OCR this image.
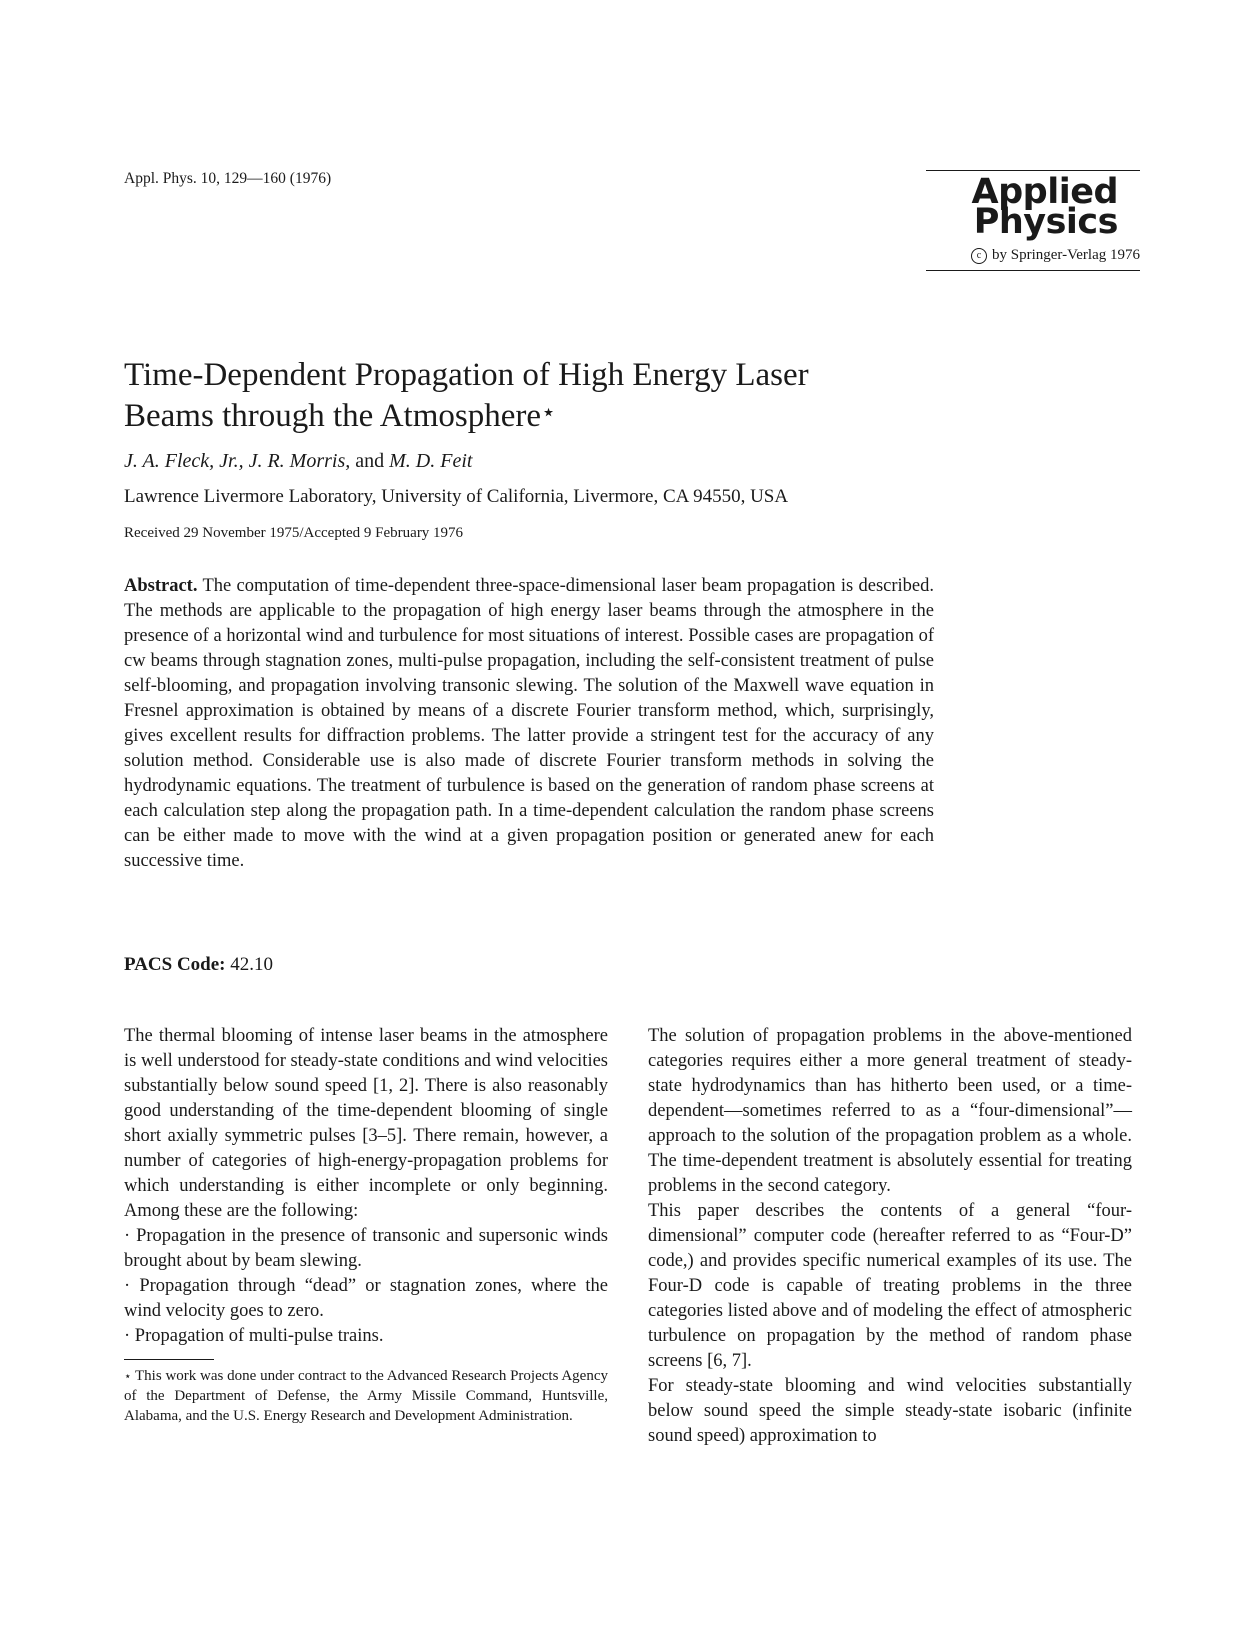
Appl. Phys. 10, 129—160 (1976)	Applied
Physics
c by Springer-Verlag 1976
Time-Dependent Propagation of High Energy Laser
Beams through the Atmosphere⋆
J. A. Fleck, Jr., J. R. Morris, and M. D. Feit
Lawrence Livermore Laboratory, University of California, Livermore, CA 94550, USA
Received 29 November 1975/Accepted 9 February 1976
Abstract. The computation of time-dependent three-space-dimensional laser beam propagation is described. The methods are applicable to the propagation of high energy laser beams through the atmosphere in the presence of a horizontal wind and turbulence for most situations of interest. Possible cases are propagation of cw beams through stagnation zones, multi-pulse propagation, including the self-consistent treatment of pulse self-blooming, and propagation involving transonic slewing. The solution of the Maxwell wave equation in Fresnel approximation is obtained by means of a discrete Fourier transform method, which, surprisingly, gives excellent results for diffraction problems. The latter provide a stringent test for the accuracy of any solution method. Considerable use is also made of discrete Fourier transform methods in solving the hydrodynamic equations. The treatment of turbulence is based on the generation of random phase screens at each calculation step along the propagation path. In a time-dependent calculation the random phase screens can be either made to move with the wind at a given propagation position or generated anew for each successive time.
PACS Code: 42.10

The thermal blooming of intense laser beams in the atmosphere is well understood for steady-state conditions and wind velocities substantially below sound speed [1, 2]. There is also reasonably good understanding of the time-dependent blooming of single short axially symmetric pulses [3–5]. There remain, however, a number of categories of high-energy-propagation problems for which understanding is either incomplete or only beginning. Among these are the following:

· Propagation in the presence of transonic and supersonic winds brought about by beam slewing.

· Propagation through “dead” or stagnation zones, where the wind velocity goes to zero.

· Propagation of multi-pulse trains.

⋆ This work was done under contract to the Advanced Research Projects Agency of the Department of Defense, the Army Missile Command, Huntsville, Alabama, and the U.S. Energy Research and Development Administration.

The solution of propagation problems in the above-mentioned categories requires either a more general treatment of steady-state hydrodynamics than has hitherto been used, or a time-dependent—sometimes referred to as a “four-dimensional”—approach to the solution of the propagation problem as a whole. The time-dependent treatment is absolutely essential for treating problems in the second category.

This paper describes the contents of a general “four-dimensional” computer code (hereafter referred to as “Four-D” code,) and provides specific numerical examples of its use. The Four-D code is capable of treating problems in the three categories listed above and of modeling the effect of atmospheric turbulence on propagation by the method of random phase screens [6, 7].

For steady-state blooming and wind velocities substantially below sound speed the simple steady-state isobaric (infinite sound speed) approximation to
